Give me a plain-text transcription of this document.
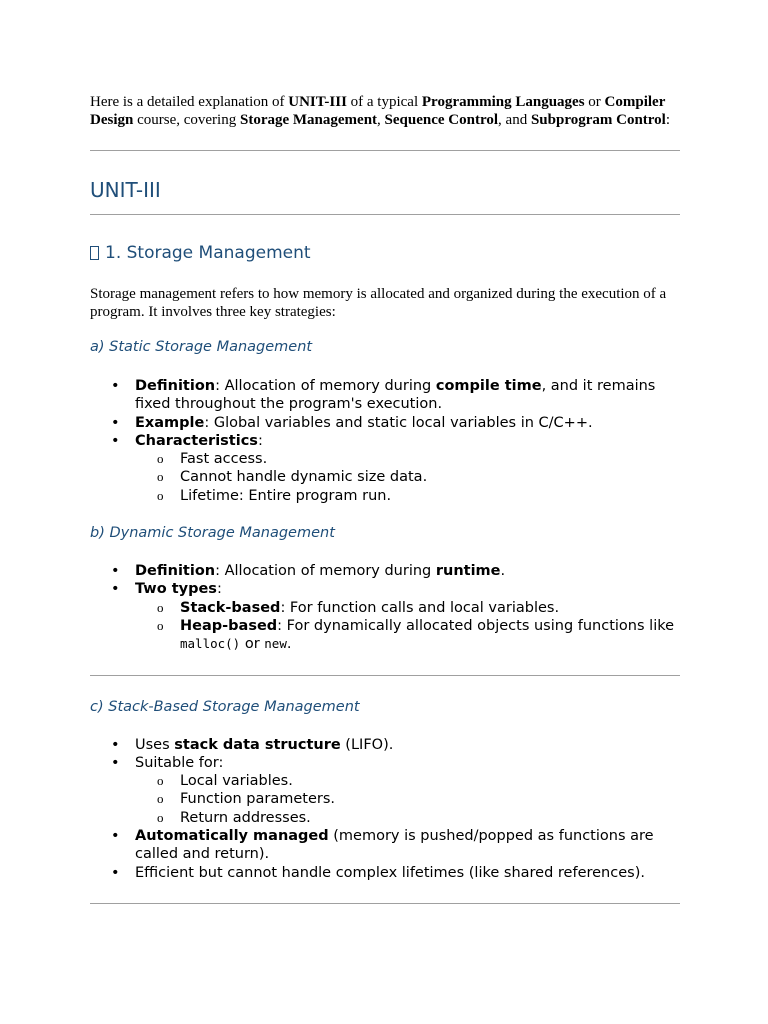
Here is a detailed explanation of UNIT-III of a typical Programming Languages or Compiler Design course, covering Storage Management, Sequence Control, and Subprogram Control:

UNIT-III
1. Storage Management

Storage management refers to how memory is allocated and organized during the execution of a program. It involves three key strategies:

a) Static Storage Management
• Definition: Allocation of memory during compile time, and it remains fixed throughout the program's execution.
• Example: Global variables and static local variables in C/C++.
• Characteristics:
o Fast access.
o Cannot handle dynamic size data.
o Lifetime: Entire program run.
b) Dynamic Storage Management
• Definition: Allocation of memory during runtime.
• Two types:
o Stack-based: For function calls and local variables.
o Heap-based: For dynamically allocated objects using functions like malloc() or new.
c) Stack-Based Storage Management
• Uses stack data structure (LIFO).
• Suitable for:
o Local variables.
o Function parameters.
o Return addresses.
• Automatically managed (memory is pushed/popped as functions are called and return).
• Efficient but cannot handle complex lifetimes (like shared references).
